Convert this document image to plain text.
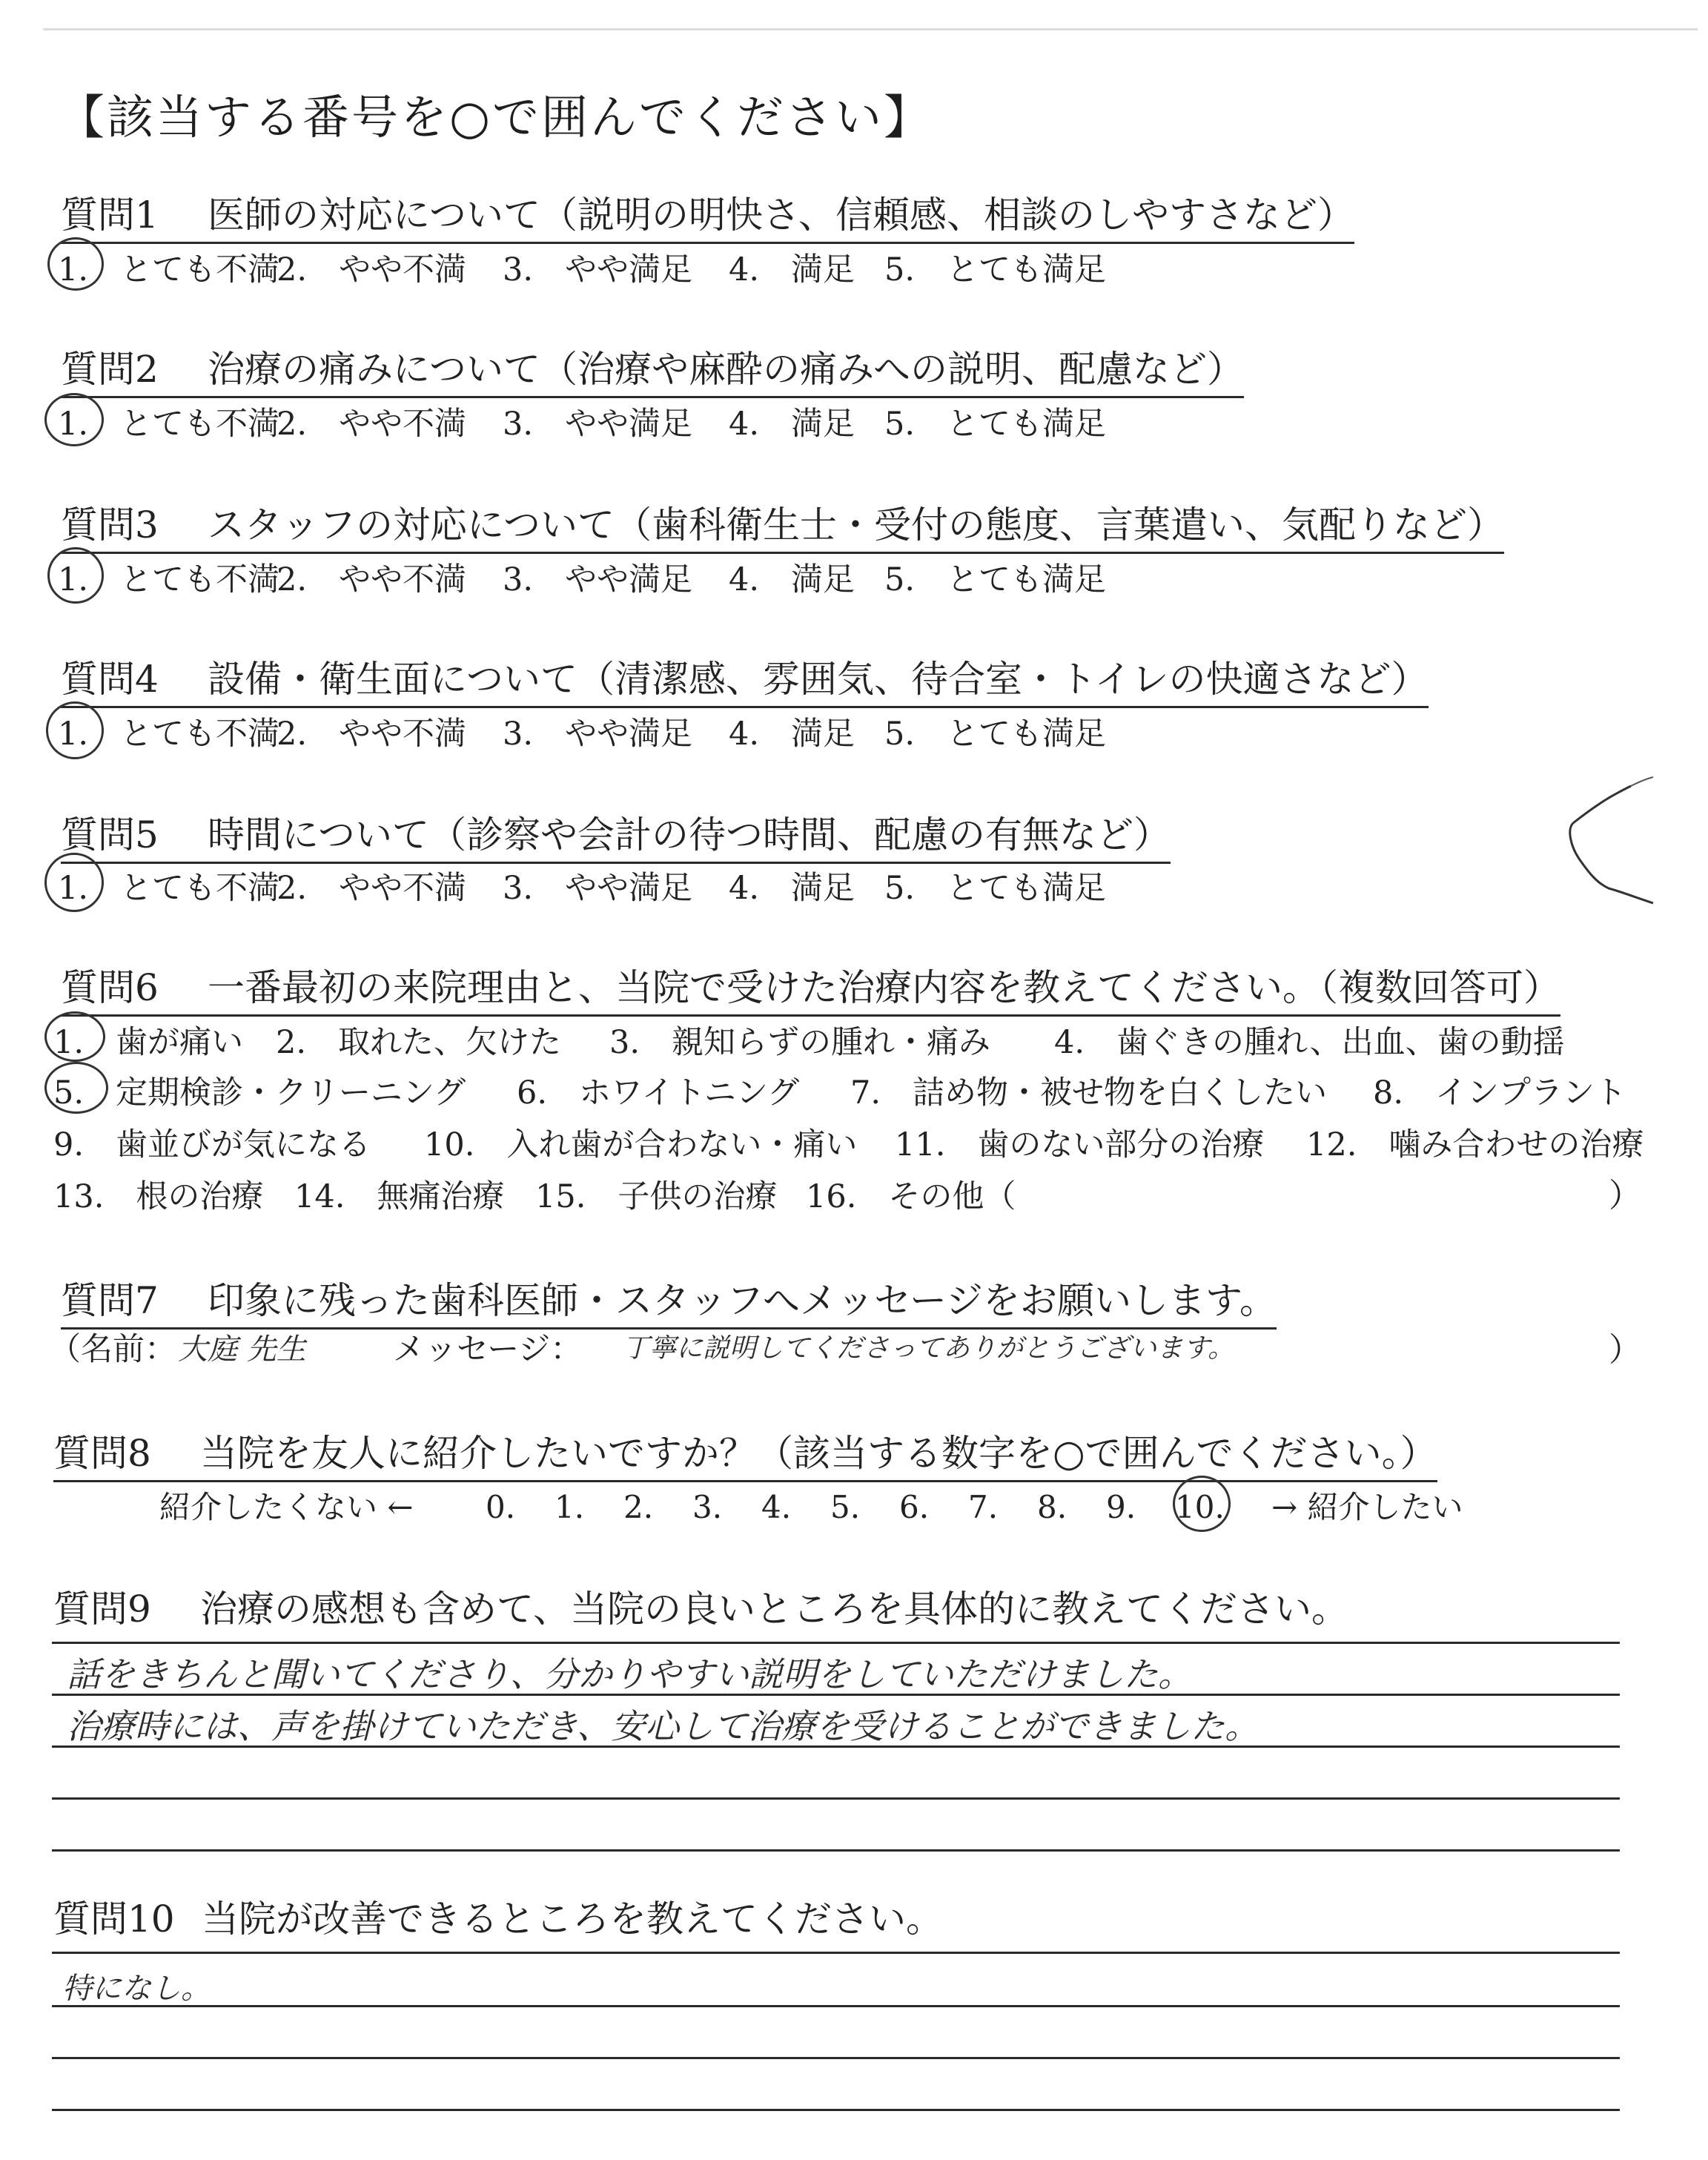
【該当する番号を○で囲んでください】
質問1 医師の対応について（説明の明快さ、信頼感、相談のしやすさなど）
1.　とても不満2.　やや不満 3.　やや満足 4.　満足 5.　とても満足
質問2 治療の痛みについて（治療や麻酔の痛みへの説明、配慮など）
1.　とても不満2.　やや不満 3.　やや満足 4.　満足 5.　とても満足
質問3 スタッフの対応について（歯科衛生士・受付の態度、言葉遣い、気配りなど）
1.　とても不満2.　やや不満 3.　やや満足 4.　満足 5.　とても満足
質問4 設備・衛生面について（清潔感、雰囲気、待合室・トイレの快適さなど）
1.　とても不満2.　やや不満 3.　やや満足 4.　満足 5.　とても満足
質問5 時間について（診察や会計の待つ時間、配慮の有無など）
1.　とても不満2.　やや不満 3.　やや満足 4.　満足 5.　とても満足
質問6 一番最初の来院理由と、当院で受けた治療内容を教えてください。（複数回答可）
1.　歯が痛い 2.　取れた、欠けた 3.　親知らずの腫れ・痛み 4.　歯ぐきの腫れ、出血、歯の動揺
5.　定期検診・クリーニング 6.　ホワイトニング 7.　詰め物・被せ物を白くしたい 8.　インプラント
9.　歯並びが気になる 10.　入れ歯が合わない・痛い 11.　歯のない部分の治療 12.　噛み合わせの治療
13.　根の治療 14.　無痛治療 15.　子供の治療 16.　その他（	）
質問7 印象に残った歯科医師・スタッフへメッセージをお願いします。
（名前： 大庭 先生	メッセージ： 丁寧に説明してくださってありがとうございます。	）
質問8 当院を友人に紹介したいですか？（該当する数字を○で囲んでください。）
紹介したくない ← 0. 1. 2. 3. 4. 5. 6. 7. 8. 9. 10. → 紹介したい
質問9 治療の感想も含めて、当院の良いところを具体的に教えてください。
話をきちんと聞いてくださり、分かりやすい説明をしていただけました。
治療時には、声を掛けていただき、安心して治療を受けることができました。
質問10 当院が改善できるところを教えてください。
特になし。
